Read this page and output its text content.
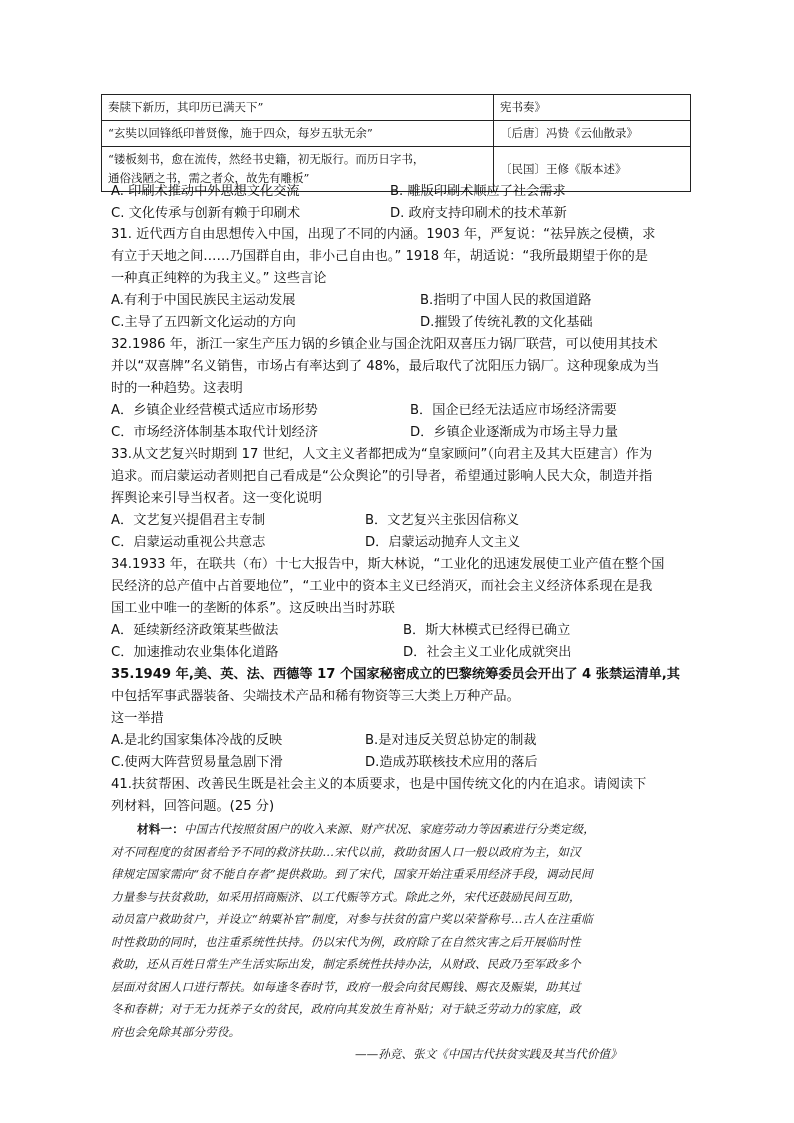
奏牍下新历，其印历已满天下”	宪书奏》
“玄奘以回锋纸印普贤像，施于四众，每岁五驮无余”	〔后唐〕冯贽《云仙散录》

“镂板刻书，愈在流传，然经书史籍，初无版行。而历日字书，
通俗浅陋之书，需之者众，故先有雕板”	〔民国〕王修《版本述》
A. 印刷术推动中外思想文化交流	B. 雕版印刷术顺应了社会需求
C. 文化传承与创新有赖于印刷术	D. 政府支持印刷术的技术革新
31. 近代西方自由思想传入中国，出现了不同的内涵。1903 年，严复说：“祛异族之侵横，求
有立于天地之间……乃国群自由，非小己自由也。” 1918 年，胡适说：“我所最期望于你的是
一种真正纯粹的为我主义。” 这些言论
A.有利于中国民族民主运动发展	B.指明了中国人民的救国道路
C.主导了五四新文化运动的方向	D.摧毁了传统礼教的文化基础
32.1986 年，浙江一家生产压力锅的乡镇企业与国企沈阳双喜压力锅厂联营，可以使用其技术
并以“双喜牌”名义销售，市场占有率达到了 48%，最后取代了沈阳压力锅厂。这种现象成为当
时的一种趋势。这表明
A．乡镇企业经营模式适应市场形势	B．国企已经无法适应市场经济需要
C．市场经济体制基本取代计划经济	D．乡镇企业逐渐成为市场主导力量
33.从文艺复兴时期到 17 世纪，人文主义者都把成为“皇家顾问”（向君主及其大臣建言）作为
追求。而启蒙运动者则把自己看成是“公众舆论”的引导者，希望通过影响人民大众，制造并指
挥舆论来引导当权者。这一变化说明
A．文艺复兴提倡君主专制	B．文艺复兴主张因信称义
C．启蒙运动重视公共意志	D．启蒙运动抛弃人文主义
34.1933 年，在联共（布）十七大报告中，斯大林说，“工业化的迅速发展使工业产值在整个国
民经济的总产值中占首要地位”，“工业中的资本主义已经消灭，而社会主义经济体系现在是我
国工业中唯一的垄断的体系”。这反映出当时苏联
A．延续新经济政策某些做法	B．斯大林模式已经得已确立
C．加速推动农业集体化道路	D．社会主义工业化成就突出
35.1949 年,美、英、法、西德等 17 个国家秘密成立的巴黎统筹委员会开出了 4 张禁运清单,其
中包括军事武器装备、尖端技术产品和稀有物资等三大类上万种产品。
这一举措
A.是北约国家集体冷战的反映	B.是对违反关贸总协定的制裁
C.使两大阵营贸易量急剧下滑	D.造成苏联核技术应用的落后
41.扶贫帮困、改善民生既是社会主义的本质要求，也是中国传统文化的内在追求。请阅读下
列材料，回答问题。(25 分)
材料一：中国古代按照贫困户的收入来源、财产状况、家庭劳动力等因素进行分类定级，
对不同程度的贫困者给予不同的救济扶助…宋代以前，救助贫困人口一般以政府为主，如汉
律规定国家需向“贫不能自存者”提供救助。到了宋代，国家开始注重采用经济手段，调动民间
力量参与扶贫救助，如采用招商赈济、以工代赈等方式。除此之外，宋代还鼓励民间互助，
动员富户救助贫户，并设立“纳粟补官”制度，对参与扶贫的富户奖以荣誉称号…古人在注重临
时性救助的同时，也注重系统性扶持。仍以宋代为例，政府除了在自然灾害之后开展临时性
救助，还从百姓日常生产生活实际出发，制定系统性扶持办法，从财政、民政乃至军政多个
层面对贫困人口进行帮扶。如每逢冬春时节，政府一般会向贫民赐钱、赐衣及赈粜，助其过
冬和春耕；对于无力抚养子女的贫民，政府向其发放生育补贴；对于缺乏劳动力的家庭，政
府也会免除其部分劳役。
——孙竞、张文《中国古代扶贫实践及其当代价值》
